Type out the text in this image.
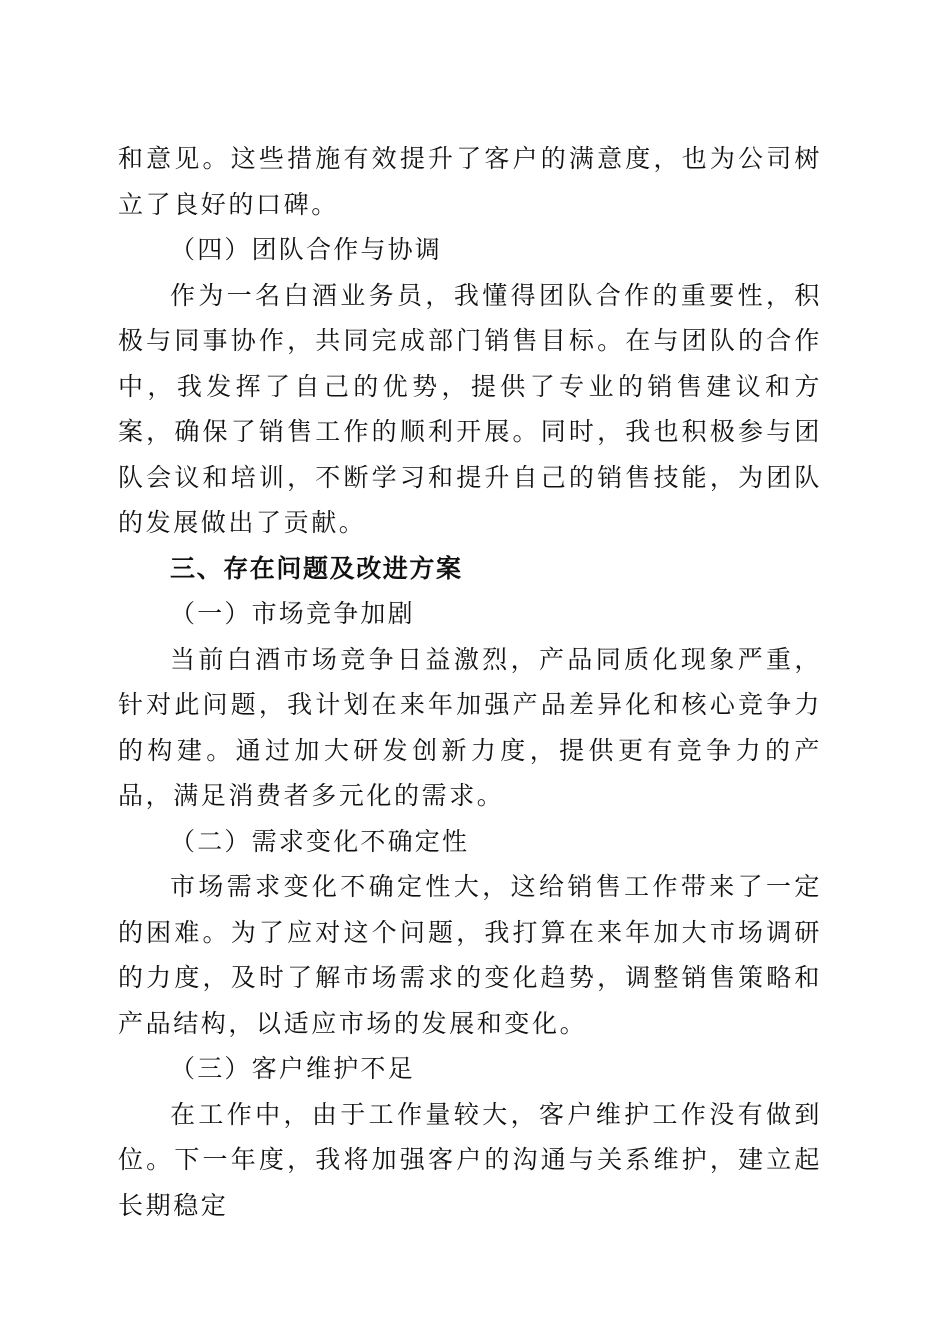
和意见。这些措施有效提升了客户的满意度，也为公司树立了良好的口碑。

（四）团队合作与协调

作为一名白酒业务员，我懂得团队合作的重要性，积极与同事协作，共同完成部门销售目标。在与团队的合作中，我发挥了自己的优势，提供了专业的销售建议和方案，确保了销售工作的顺利开展。同时，我也积极参与团队会议和培训，不断学习和提升自己的销售技能，为团队的发展做出了贡献。

三、存在问题及改进方案

（一）市场竞争加剧

当前白酒市场竞争日益激烈，产品同质化现象严重，针对此问题，我计划在来年加强产品差异化和核心竞争力的构建。通过加大研发创新力度，提供更有竞争力的产品，满足消费者多元化的需求。

（二）需求变化不确定性

市场需求变化不确定性大，这给销售工作带来了一定的困难。为了应对这个问题，我打算在来年加大市场调研的力度，及时了解市场需求的变化趋势，调整销售策略和产品结构，以适应市场的发展和变化。

（三）客户维护不足

在工作中，由于工作量较大，客户维护工作没有做到位。下一年度，我将加强客户的沟通与关系维护，建立起长期稳定
